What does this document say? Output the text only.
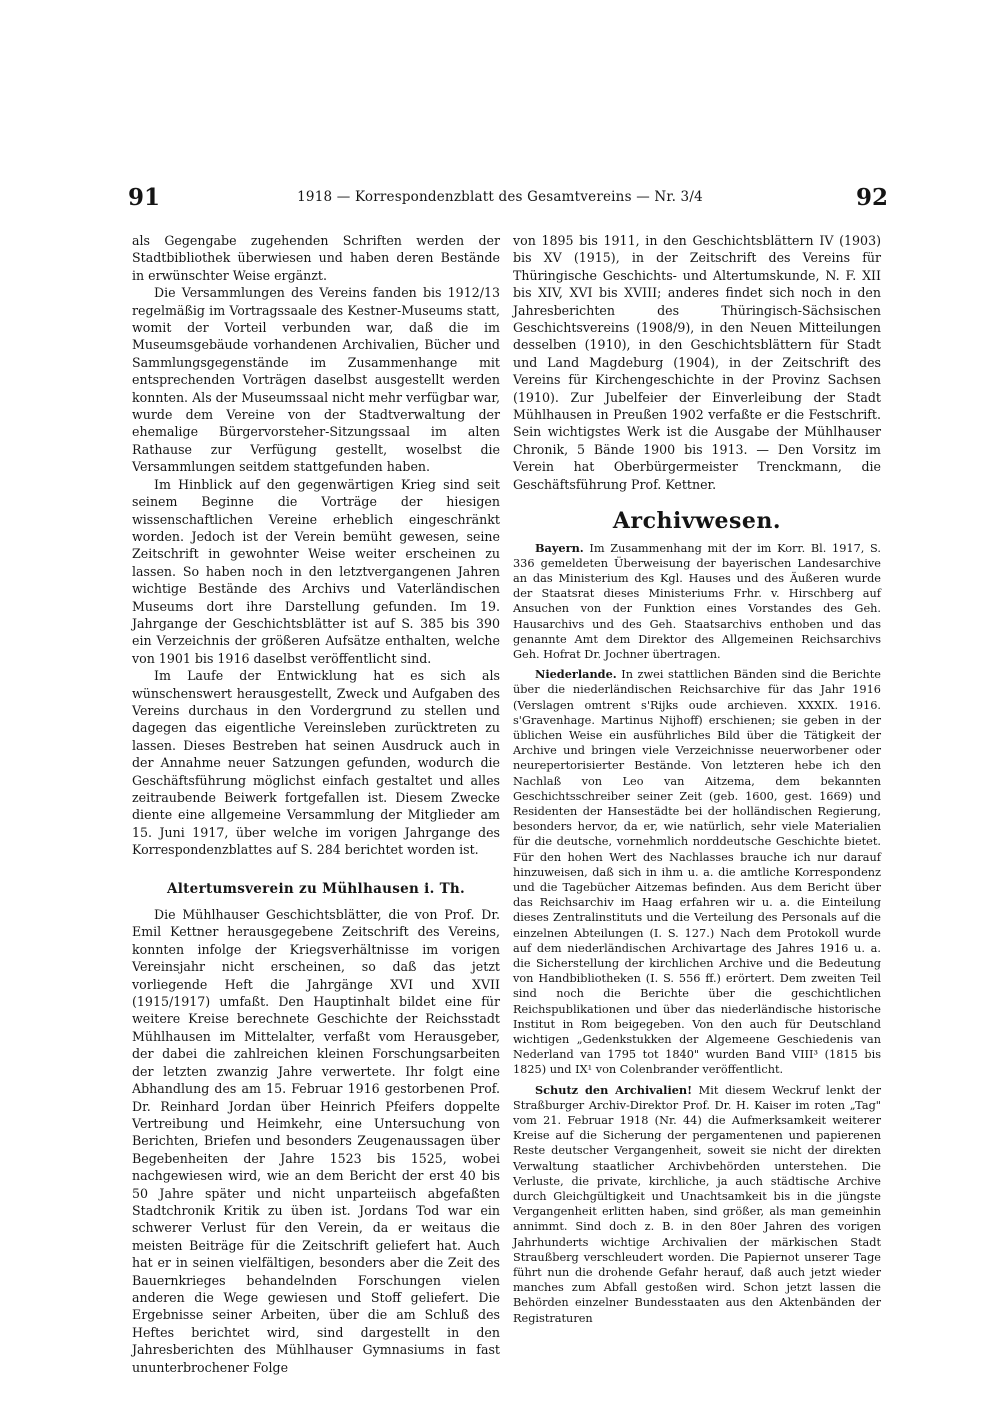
91	1918 — Korrespondenzblatt des Gesamtvereins — Nr. 3/4	92

als Gegengabe zugehenden Schriften werden der Stadtbibliothek überwiesen und haben deren Bestände in erwünschter Weise ergänzt.

Die Versammlungen des Vereins fanden bis 1912/13 regelmäßig im Vortragssaale des Kestner-Museums statt, womit der Vorteil verbunden war, daß die im Museumsgebäude vorhandenen Archivalien, Bücher und Sammlungsgegenstände im Zusammenhange mit entsprechenden Vorträgen daselbst ausgestellt werden konnten. Als der Museumssaal nicht mehr verfügbar war, wurde dem Vereine von der Stadtverwaltung der ehemalige Bürgervorsteher-Sitzungssaal im alten Rathause zur Verfügung gestellt, woselbst die Versammlungen seitdem stattgefunden haben.

Im Hinblick auf den gegenwärtigen Krieg sind seit seinem Beginne die Vorträge der hiesigen wissenschaftlichen Vereine erheblich eingeschränkt worden. Jedoch ist der Verein bemüht gewesen, seine Zeitschrift in gewohnter Weise weiter erscheinen zu lassen. So haben noch in den letztvergangenen Jahren wichtige Bestände des Archivs und Vaterländischen Museums dort ihre Darstellung gefunden. Im 19. Jahrgange der Geschichtsblätter ist auf S. 385 bis 390 ein Verzeichnis der größeren Aufsätze enthalten, welche von 1901 bis 1916 daselbst veröffentlicht sind.

Im Laufe der Entwicklung hat es sich als wünschenswert herausgestellt, Zweck und Aufgaben des Vereins durchaus in den Vordergrund zu stellen und dagegen das eigentliche Vereinsleben zurücktreten zu lassen. Dieses Bestreben hat seinen Ausdruck auch in der Annahme neuer Satzungen gefunden, wodurch die Geschäftsführung möglichst einfach gestaltet und alles zeitraubende Beiwerk fortgefallen ist. Diesem Zwecke diente eine allgemeine Versammlung der Mitglieder am 15. Juni 1917, über welche im vorigen Jahrgange des Korrespondenzblattes auf S. 284 berichtet worden ist.

Altertumsverein zu Mühlhausen i. Th.

Die Mühlhauser Geschichtsblätter, die von Prof. Dr. Emil Kettner herausgegebene Zeitschrift des Vereins, konnten infolge der Kriegsverhältnisse im vorigen Vereinsjahr nicht erscheinen, so daß das jetzt vorliegende Heft die Jahrgänge XVI und XVII (1915/1917) umfaßt. Den Hauptinhalt bildet eine für weitere Kreise berechnete Geschichte der Reichsstadt Mühlhausen im Mittelalter, verfaßt vom Herausgeber, der dabei die zahlreichen kleinen Forschungsarbeiten der letzten zwanzig Jahre verwertete. Ihr folgt eine Abhandlung des am 15. Februar 1916 gestorbenen Prof. Dr. Reinhard Jordan über Heinrich Pfeifers doppelte Vertreibung und Heimkehr, eine Untersuchung von Berichten, Briefen und besonders Zeugenaussagen über Begebenheiten der Jahre 1523 bis 1525, wobei nachgewiesen wird, wie an dem Bericht der erst 40 bis 50 Jahre später und nicht unparteiisch abgefaßten Stadtchronik Kritik zu üben ist. Jordans Tod war ein schwerer Verlust für den Verein, da er weitaus die meisten Beiträge für die Zeitschrift geliefert hat. Auch hat er in seinen vielfältigen, besonders aber die Zeit des Bauernkrieges behandelnden Forschungen vielen anderen die Wege gewiesen und Stoff geliefert. Die Ergebnisse seiner Arbeiten, über die am Schluß des Heftes berichtet wird, sind dargestellt in den Jahresberichten des Mühlhauser Gymnasiums in fast ununterbrochener Folge

von 1895 bis 1911, in den Geschichtsblättern IV (1903) bis XV (1915), in der Zeitschrift des Vereins für Thüringische Geschichts- und Altertumskunde, N. F. XII bis XIV, XVI bis XVIII; anderes findet sich noch in den Jahresberichten des Thüringisch-Sächsischen Geschichtsvereins (1908/9), in den Neuen Mitteilungen desselben (1910), in den Geschichtsblättern für Stadt und Land Magdeburg (1904), in der Zeitschrift des Vereins für Kirchengeschichte in der Provinz Sachsen (1910). Zur Jubelfeier der Einverleibung der Stadt Mühlhausen in Preußen 1902 verfaßte er die Festschrift. Sein wichtigstes Werk ist die Ausgabe der Mühlhauser Chronik, 5 Bände 1900 bis 1913. — Den Vorsitz im Verein hat Oberbürgermeister Trenckmann, die Geschäftsführung Prof. Kettner.

Archivwesen.

Bayern. Im Zusammenhang mit der im Korr. Bl. 1917, S. 336 gemeldeten Überweisung der bayerischen Landesarchive an das Ministerium des Kgl. Hauses und des Äußeren wurde der Staatsrat dieses Ministeriums Frhr. v. Hirschberg auf Ansuchen von der Funktion eines Vorstandes des Geh. Hausarchivs und des Geh. Staatsarchivs enthoben und das genannte Amt dem Direktor des Allgemeinen Reichsarchivs Geh. Hofrat Dr. Jochner übertragen.

Niederlande. In zwei stattlichen Bänden sind die Berichte über die niederländischen Reichsarchive für das Jahr 1916 (Verslagen omtrent s'Rijks oude archieven. XXXIX. 1916. s'Gravenhage. Martinus Nijhoff) erschienen; sie geben in der üblichen Weise ein ausführliches Bild über die Tätigkeit der Archive und bringen viele Verzeichnisse neuerworbener oder neurepertorisierter Bestände. Von letzteren hebe ich den Nachlaß von Leo van Aitzema, dem bekannten Geschichtsschreiber seiner Zeit (geb. 1600, gest. 1669) und Residenten der Hansestädte bei der holländischen Regierung, besonders hervor, da er, wie natürlich, sehr viele Materialien für die deutsche, vornehmlich norddeutsche Geschichte bietet. Für den hohen Wert des Nachlasses brauche ich nur darauf hinzuweisen, daß sich in ihm u. a. die amtliche Korrespondenz und die Tagebücher Aitzemas befinden. Aus dem Bericht über das Reichsarchiv im Haag erfahren wir u. a. die Einteilung dieses Zentralinstituts und die Verteilung des Personals auf die einzelnen Abteilungen (I. S. 127.) Nach dem Protokoll wurde auf dem niederländischen Archivartage des Jahres 1916 u. a. die Sicherstellung der kirchlichen Archive und die Bedeutung von Handbibliotheken (I. S. 556 ff.) erörtert. Dem zweiten Teil sind noch die Berichte über die geschichtlichen Reichspublikationen und über das niederländische historische Institut in Rom beigegeben. Von den auch für Deutschland wichtigen „Gedenkstukken der Algemeene Geschiedenis van Nederland van 1795 tot 1840" wurden Band VIII³ (1815 bis 1825) und IX¹ von Colenbrander veröffentlicht.

Schutz den Archivalien! Mit diesem Weckruf lenkt der Straßburger Archiv-Direktor Prof. Dr. H. Kaiser im roten „Tag" vom 21. Februar 1918 (Nr. 44) die Aufmerksamkeit weiterer Kreise auf die Sicherung der pergamentenen und papierenen Reste deutscher Vergangenheit, soweit sie nicht der direkten Verwaltung staatlicher Archivbehörden unterstehen. Die Verluste, die private, kirchliche, ja auch städtische Archive durch Gleichgültigkeit und Unachtsamkeit bis in die jüngste Vergangenheit erlitten haben, sind größer, als man gemeinhin annimmt. Sind doch z. B. in den 80er Jahren des vorigen Jahrhunderts wichtige Archivalien der märkischen Stadt Straußberg verschleudert worden. Die Papiernot unserer Tage führt nun die drohende Gefahr herauf, daß auch jetzt wieder manches zum Abfall gestoßen wird. Schon jetzt lassen die Behörden einzelner Bundesstaaten aus den Aktenbänden der Registraturen
